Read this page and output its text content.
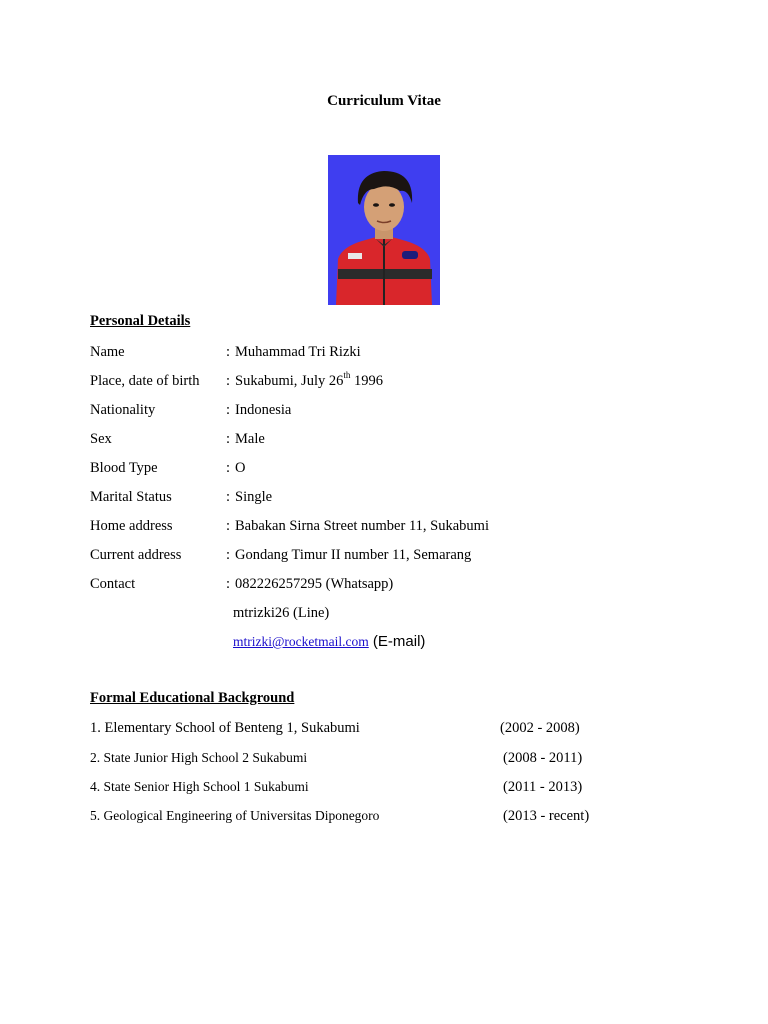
Curriculum Vitae
Personal Details
Name	: Muhammad Tri Rizki
Place, date of birth : Sukabumi, July 26th 1996
Nationality	: Indonesia
Sex	: Male
Blood Type	: O
Marital Status	: Single
Home address	: Babakan Sirna Street number 11, Sukabumi
Current address	: Gondang Timur II number 11, Semarang
Contact	: 082226257295 (Whatsapp)
mtrizki26 (Line)
mtrizki@rocketmail.com (E-mail)
Formal Educational Background
1. Elementary School of Benteng 1, Sukabumi	(2002 - 2008)
2. State Junior High School 2 Sukabumi	(2008 - 2011)
4. State Senior High School 1 Sukabumi	(2011 - 2013)
5. Geological Engineering of Universitas Diponegoro	(2013 - recent)
